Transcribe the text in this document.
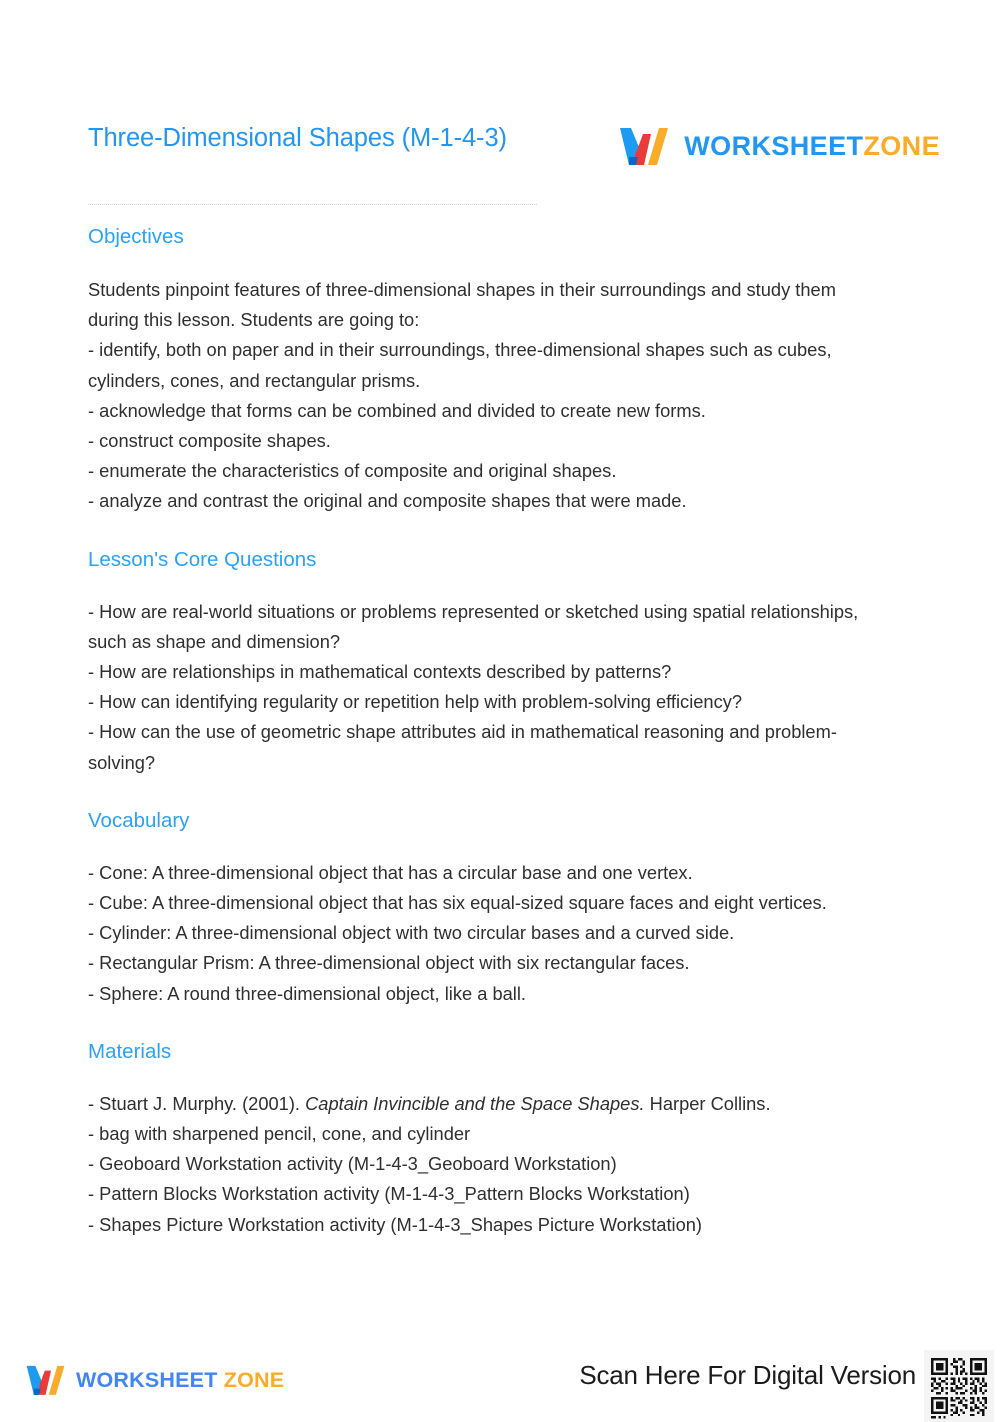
Three-Dimensional Shapes (M-1-4-3)	WORKSHEETZONE
Objectives

Students pinpoint features of three-dimensional shapes in their surroundings and study them during this lesson. Students are going to:

- identify, both on paper and in their surroundings, three-dimensional shapes such as cubes, cylinders, cones, and rectangular prisms.

- acknowledge that forms can be combined and divided to create new forms.

- construct composite shapes.

- enumerate the characteristics of composite and original shapes.

- analyze and contrast the original and composite shapes that were made.

Lesson's Core Questions

- How are real-world situations or problems represented or sketched using spatial relationships, such as shape and dimension?

- How are relationships in mathematical contexts described by patterns?

- How can identifying regularity or repetition help with problem-solving efficiency?

- How can the use of geometric shape attributes aid in mathematical reasoning and problem-solving?

Vocabulary

- Cone: A three-dimensional object that has a circular base and one vertex.

- Cube: A three-dimensional object that has six equal-sized square faces and eight vertices.

- Cylinder: A three-dimensional object with two circular bases and a curved side.

- Rectangular Prism: A three-dimensional object with six rectangular faces.

- Sphere: A round three-dimensional object, like a ball.

Materials

- Stuart J. Murphy. (2001). Captain Invincible and the Space Shapes. Harper Collins.

- bag with sharpened pencil, cone, and cylinder

- Geoboard Workstation activity (M-1-4-3_Geoboard Workstation)

- Pattern Blocks Workstation activity (M-1-4-3_Pattern Blocks Workstation)

- Shapes Picture Workstation activity (M-1-4-3_Shapes Picture Workstation)

WORKSHEET ZONE	Scan Here For Digital Version
